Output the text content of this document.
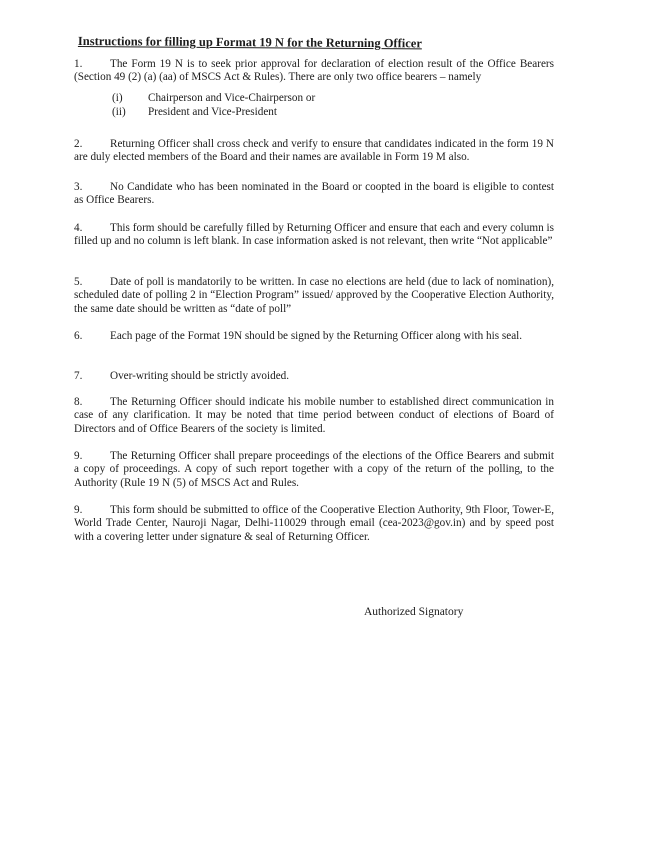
Instructions for filling up Format 19 N for the Returning Officer
1. The Form 19 N is to seek prior approval for declaration of election result of the Office Bearers (Section 49 (2) (a) (aa) of MSCS Act & Rules). There are only two office bearers – namely
(i) Chairperson and Vice-Chairperson or
(ii) President and Vice-President
2. Returning Officer shall cross check and verify to ensure that candidates indicated in the form 19 N are duly elected members of the Board and their names are available in Form 19 M also.
3. No Candidate who has been nominated in the Board or coopted in the board is eligible to contest as Office Bearers.
4. This form should be carefully filled by Returning Officer and ensure that each and every column is filled up and no column is left blank. In case information asked is not relevant, then write “Not applicable”
5. Date of poll is mandatorily to be written. In case no elections are held (due to lack of nomination), scheduled date of polling 2 in “Election Program” issued/ approved by the Cooperative Election Authority, the same date should be written as “date of poll”
6. Each page of the Format 19N should be signed by the Returning Officer along with his seal.
7. Over-writing should be strictly avoided.
8. The Returning Officer should indicate his mobile number to established direct communication in case of any clarification. It may be noted that time period between conduct of elections of Board of Directors and of Office Bearers of the society is limited.
9. The Returning Officer shall prepare proceedings of the elections of the Office Bearers and submit a copy of proceedings. A copy of such report together with a copy of the return of the polling, to the Authority (Rule 19 N (5) of MSCS Act and Rules.
9. This form should be submitted to office of the Cooperative Election Authority, 9th Floor, Tower-E, World Trade Center, Nauroji Nagar, Delhi-110029 through email (cea-2023@gov.in) and by speed post with a covering letter under signature & seal of Returning Officer.
Authorized Signatory
